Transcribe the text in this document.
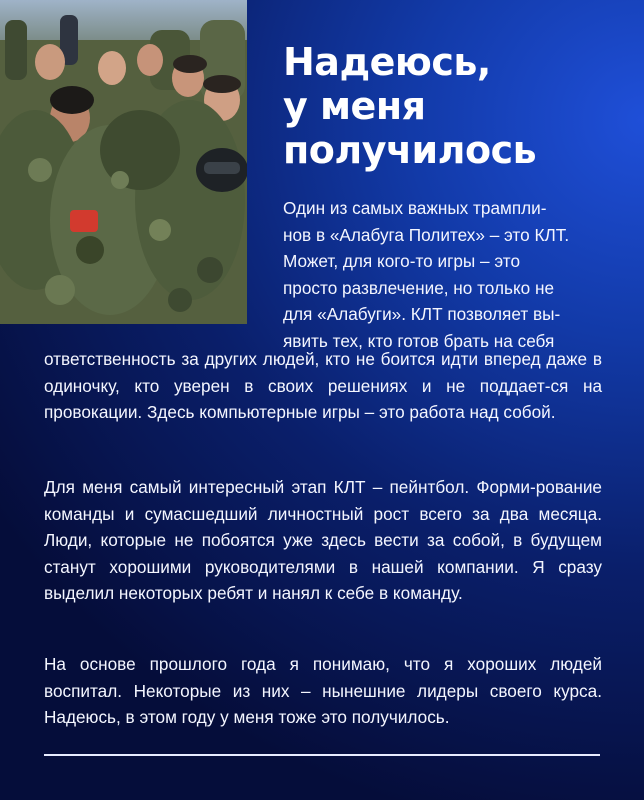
Надеюсь,
у меня
получилось
Один из самых важных трампли-
нов в «Алабуга Политех» – это КЛТ.
Может, для кого-то игры – это
просто развлечение, но только не
для «Алабуги». КЛТ позволяет вы-
явить тех, кто готов брать на себя

ответственность за других людей, кто не боится идти вперед даже в одиночку, кто уверен в своих решениях и не поддает-ся на провокации. Здесь компьютерные игры – это работа над собой.

Для меня самый интересный этап КЛТ – пейнтбол. Форми-рование команды и сумасшедший личностный рост всего за два месяца. Люди, которые не побоятся уже здесь вести за собой, в будущем станут хорошими руководителями в нашей компании. Я сразу выделил некоторых ребят и нанял к себе в команду.

На основе прошлого года я понимаю, что я хороших людей воспитал. Некоторые из них – нынешние лидеры своего курса. Надеюсь, в этом году у меня тоже это получилось.
